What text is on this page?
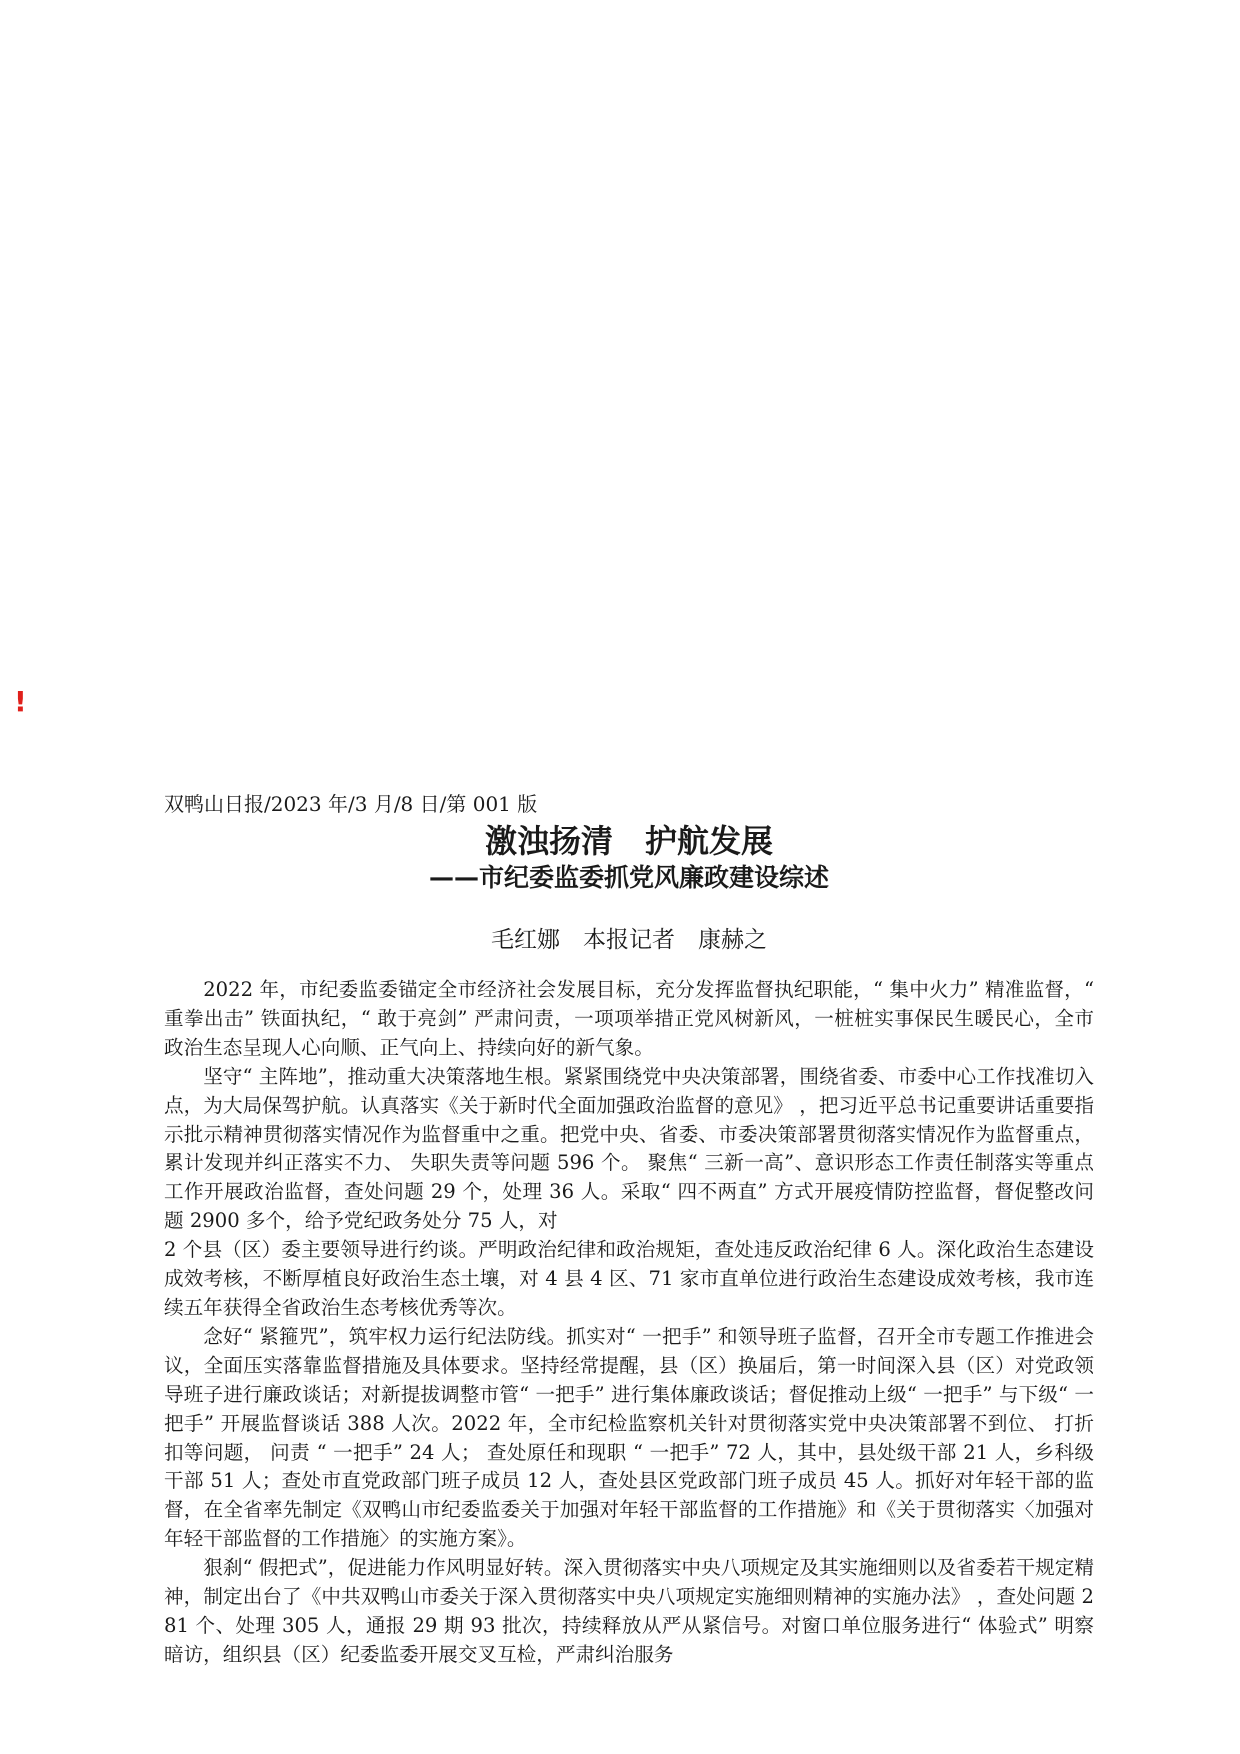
!
双鸭山日报/2023 年/3 月/8 日/第 001 版
激浊扬清　护航发展
——市纪委监委抓党风廉政建设综述
毛红娜　本报记者　康赫之

2022 年，市纪委监委锚定全市经济社会发展目标，充分发挥监督执纪职能，“ 集中火力” 精准监督，“ 重拳出击” 铁面执纪，“ 敢于亮剑” 严肃问责，一项项举措正党风树新风，一桩桩实事保民生暖民心，全市政治生态呈现人心向顺、正气向上、持续向好的新气象。

坚守“ 主阵地”，推动重大决策落地生根。紧紧围绕党中央决策部署，围绕省委、市委中心工作找准切入点，为大局保驾护航。认真落实《关于新时代全面加强政治监督的意见》 ，把习近平总书记重要讲话重要指示批示精神贯彻落实情况作为监督重中之重。把党中央、省委、市委决策部署贯彻落实情况作为监督重点， 累计发现并纠正落实不力、 失职失责等问题 596 个。 聚焦“ 三新一高”、意识形态工作责任制落实等重点工作开展政治监督，查处问题 29 个，处理 36 人。采取“ 四不两直” 方式开展疫情防控监督，督促整改问题 2900 多个，给予党纪政务处分 75 人，对

2 个县（区）委主要领导进行约谈。严明政治纪律和政治规矩，查处违反政治纪律 6 人。深化政治生态建设成效考核，不断厚植良好政治生态土壤，对 4 县 4 区、71 家市直单位进行政治生态建设成效考核，我市连续五年获得全省政治生态考核优秀等次。

念好“ 紧箍咒”，筑牢权力运行纪法防线。抓实对“ 一把手” 和领导班子监督，召开全市专题工作推进会议，全面压实落靠监督措施及具体要求。坚持经常提醒，县（区）换届后，第一时间深入县（区）对党政领导班子进行廉政谈话；对新提拔调整市管“ 一把手” 进行集体廉政谈话；督促推动上级“ 一把手” 与下级“ 一把手” 开展监督谈话 388 人次。2022 年，全市纪检监察机关针对贯彻落实党中央决策部署不到位、 打折扣等问题， 问责 “ 一把手” 24 人； 查处原任和现职 “ 一把手” 72 人，其中，县处级干部 21 人，乡科级干部 51 人；查处市直党政部门班子成员 12 人，查处县区党政部门班子成员 45 人。抓好对年轻干部的监督，在全省率先制定《双鸭山市纪委监委关于加强对年轻干部监督的工作措施》和《关于贯彻落实〈加强对年轻干部监督的工作措施〉的实施方案》。

狠刹“ 假把式”，促进能力作风明显好转。深入贯彻落实中央八项规定及其实施细则以及省委若干规定精神，制定出台了《中共双鸭山市委关于深入贯彻落实中央八项规定实施细则精神的实施办法》 ，查处问题 281 个、处理 305 人，通报 29 期 93 批次，持续释放从严从紧信号。对窗口单位服务进行“ 体验式” 明察暗访，组织县（区）纪委监委开展交叉互检，严肃纠治服务
